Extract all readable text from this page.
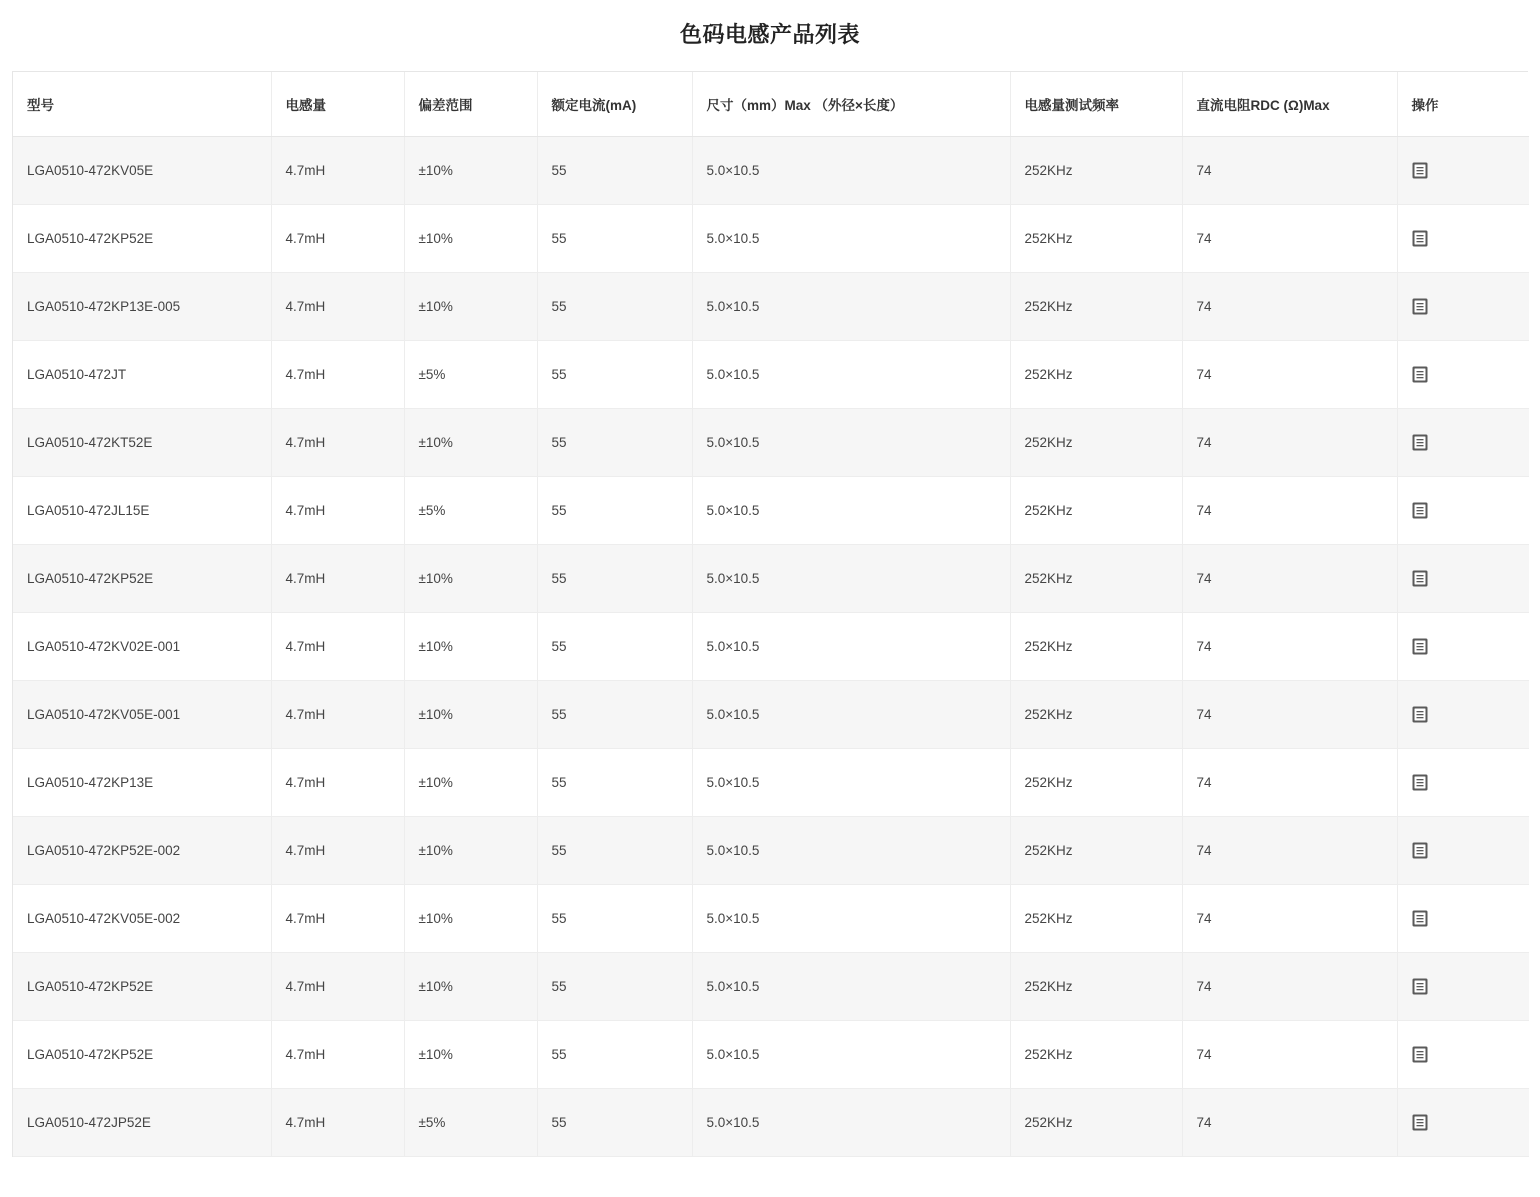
色码电感产品列表
型号	电感量	偏差范围	额定电流(mA)	尺寸（mm）Max （外径×长度）	电感量测试频率	直流电阻RDC (Ω)Max	操作
LGA0510-472KV05E	4.7mH	±10%	55	5.0×10.5	252KHz	74	

LGA0510-472KP52E	4.7mH	±10%	55	5.0×10.5	252KHz	74	

LGA0510-472KP13E-005	4.7mH	±10%	55	5.0×10.5	252KHz	74	

LGA0510-472JT	4.7mH	±5%	55	5.0×10.5	252KHz	74	

LGA0510-472KT52E	4.7mH	±10%	55	5.0×10.5	252KHz	74	

LGA0510-472JL15E	4.7mH	±5%	55	5.0×10.5	252KHz	74	

LGA0510-472KP52E	4.7mH	±10%	55	5.0×10.5	252KHz	74	

LGA0510-472KV02E-001	4.7mH	±10%	55	5.0×10.5	252KHz	74	

LGA0510-472KV05E-001	4.7mH	±10%	55	5.0×10.5	252KHz	74	

LGA0510-472KP13E	4.7mH	±10%	55	5.0×10.5	252KHz	74	

LGA0510-472KP52E-002	4.7mH	±10%	55	5.0×10.5	252KHz	74	

LGA0510-472KV05E-002	4.7mH	±10%	55	5.0×10.5	252KHz	74	

LGA0510-472KP52E	4.7mH	±10%	55	5.0×10.5	252KHz	74	

LGA0510-472KP52E	4.7mH	±10%	55	5.0×10.5	252KHz	74	

LGA0510-472JP52E	4.7mH	±5%	55	5.0×10.5	252KHz	74	
